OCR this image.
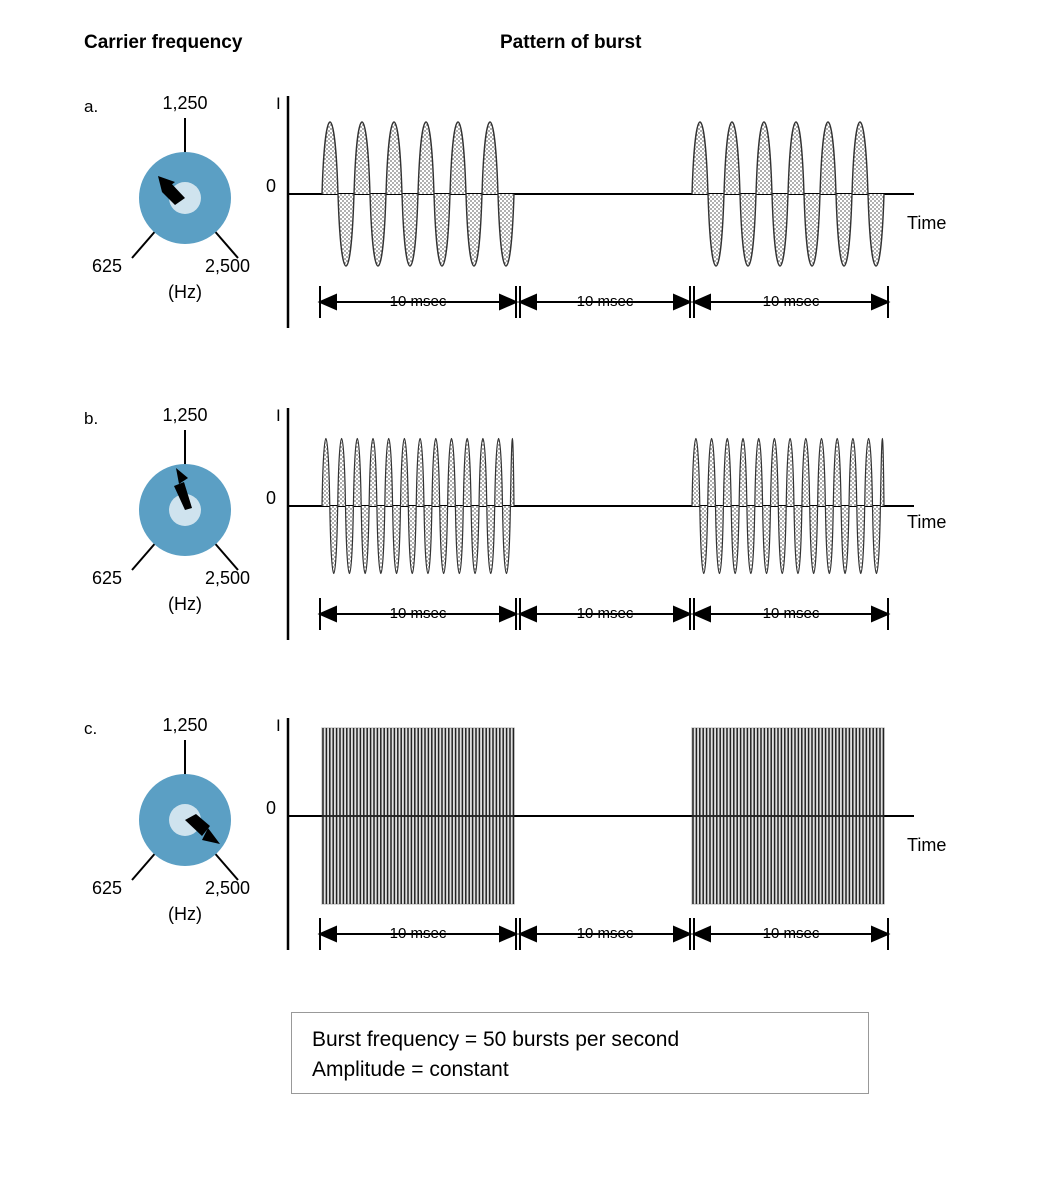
Carrier frequency	Pattern of burst
a.	1,250
625	2,500
(Hz)
I
0
Time
10 msec	10 msec	10 msec
b.	1,250
625	2,500
(Hz)
I
0
Time
10 msec	10 msec	10 msec
c.	1,250
625	2,500
(Hz)
I
0
Time
10 msec	10 msec	10 msec
Burst frequency = 50 bursts per second
Amplitude = constant
